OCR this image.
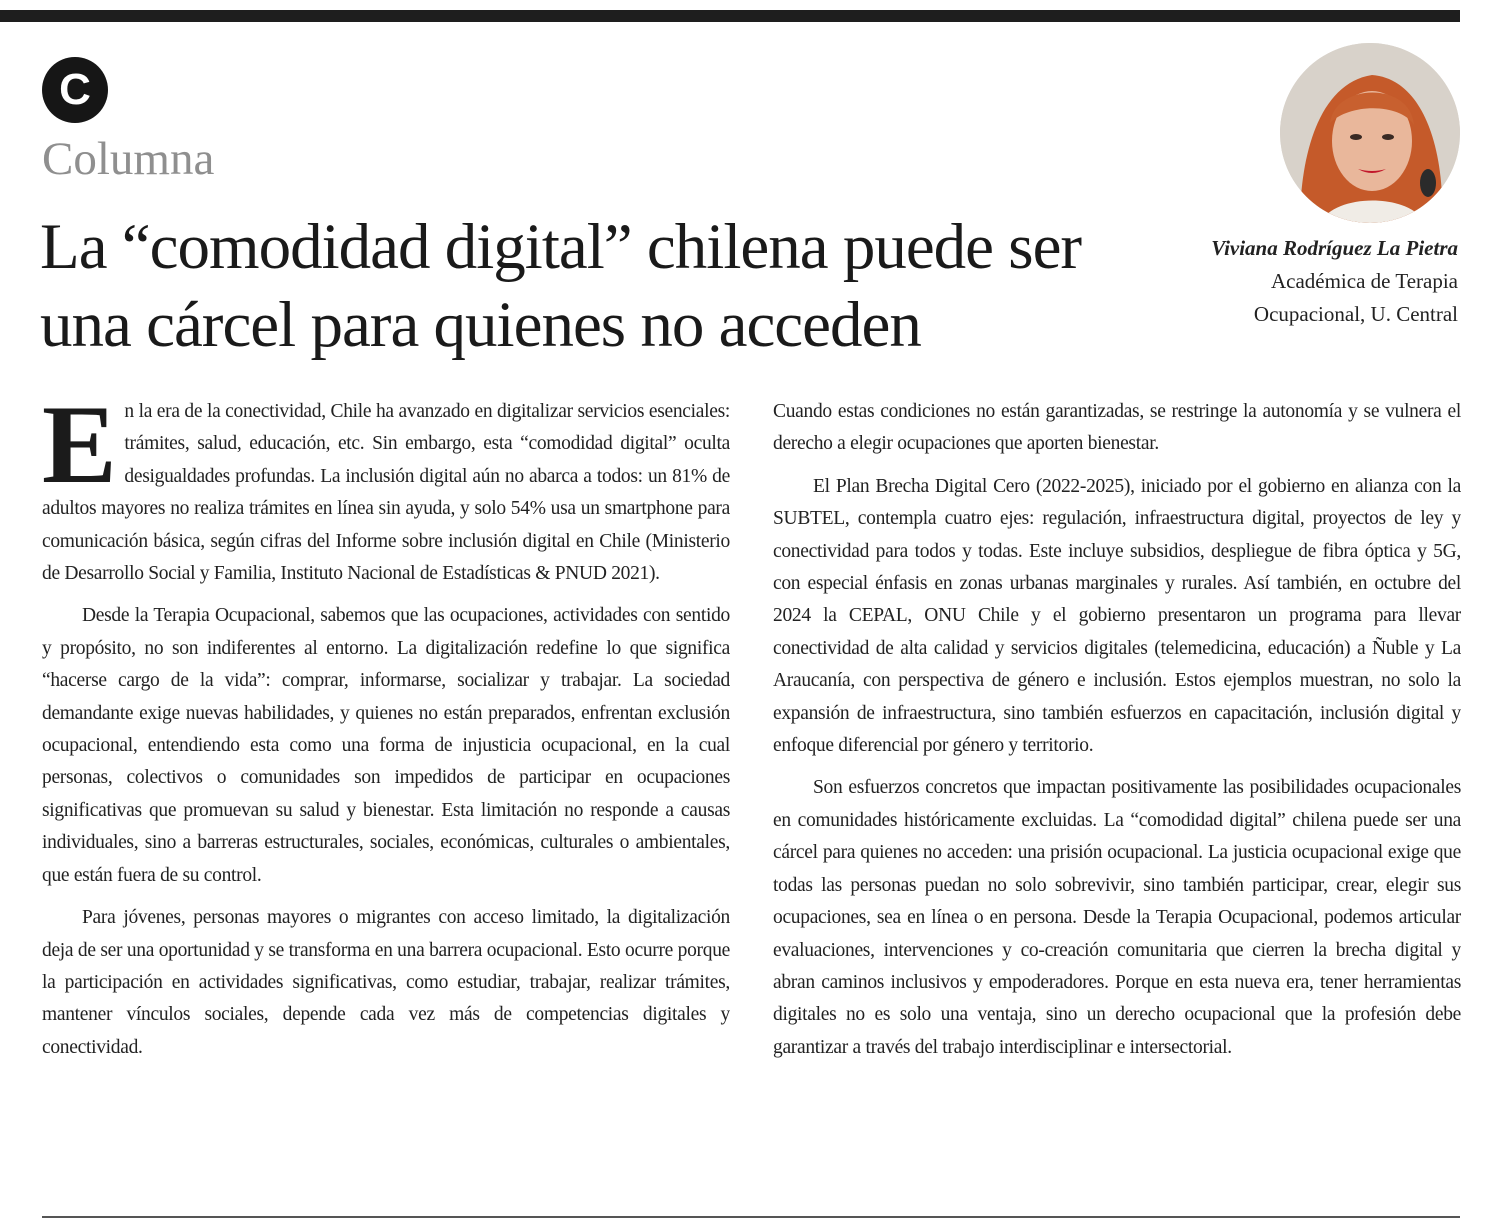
C
Columna
La “comodidad digital” chilena puede ser una cárcel para quienes no acceden
Viviana Rodríguez La Pietra
Académica de Terapia
Ocupacional, U. Central

En la era de la conectividad, Chile ha avanzado en digitalizar servicios esenciales: trámites, salud, educación, etc. Sin embargo, esta “comodidad digital” oculta desigualdades profundas. La inclusión digital aún no abarca a todos: un 81% de adultos mayores no realiza trámites en línea sin ayuda, y solo 54% usa un smartphone para comunicación básica, según cifras del Informe sobre inclusión digital en Chile (Ministerio de Desarrollo Social y Familia, Instituto Nacional de Estadísticas & PNUD 2021).

Desde la Terapia Ocupacional, sabemos que las ocupaciones, actividades con sentido y propósito, no son indiferentes al entorno. La digitalización redefine lo que significa “hacerse cargo de la vida”: comprar, informarse, socializar y trabajar. La sociedad demandante exige nuevas habilidades, y quienes no están preparados, enfrentan exclusión ocupacional, entendiendo esta como una forma de injusticia ocupacional, en la cual personas, colectivos o comunidades son impedidos de participar en ocupaciones significativas que promuevan su salud y bienestar. Esta limitación no responde a causas individuales, sino a barreras estructurales, sociales, económicas, culturales o ambientales, que están fuera de su control.

Para jóvenes, personas mayores o migrantes con acceso limitado, la digitalización deja de ser una oportunidad y se transforma en una barrera ocupacional. Esto ocurre porque la participación en actividades significativas, como estudiar, trabajar, realizar trámites, mantener vínculos sociales, depende cada vez más de competencias digitales y conectividad.

Cuando estas condiciones no están garantizadas, se restringe la autonomía y se vulnera el derecho a elegir ocupaciones que aporten bienestar.

El Plan Brecha Digital Cero (2022-2025), iniciado por el gobierno en alianza con la SUBTEL, contempla cuatro ejes: regulación, infraestructura digital, proyectos de ley y conectividad para todos y todas. Este incluye subsidios, despliegue de fibra óptica y 5G, con especial énfasis en zonas urbanas marginales y rurales. Así también, en octubre del 2024 la CEPAL, ONU Chile y el gobierno presentaron un programa para llevar conectividad de alta calidad y servicios digitales (telemedicina, educación) a Ñuble y La Araucanía, con perspectiva de género e inclusión. Estos ejemplos muestran, no solo la expansión de infraestructura, sino también esfuerzos en capacitación, inclusión digital y enfoque diferencial por género y territorio.

Son esfuerzos concretos que impactan positivamente las posibilidades ocupacionales en comunidades históricamente excluidas. La “comodidad digital” chilena puede ser una cárcel para quienes no acceden: una prisión ocupacional. La justicia ocupacional exige que todas las personas puedan no solo sobrevivir, sino también participar, crear, elegir sus ocupaciones, sea en línea o en persona. Desde la Terapia Ocupacional, podemos articular evaluaciones, intervenciones y co-creación comunitaria que cierren la brecha digital y abran caminos inclusivos y empoderadores. Porque en esta nueva era, tener herramientas digitales no es solo una ventaja, sino un derecho ocupacional que la profesión debe garantizar a través del trabajo interdisciplinar e intersectorial.
